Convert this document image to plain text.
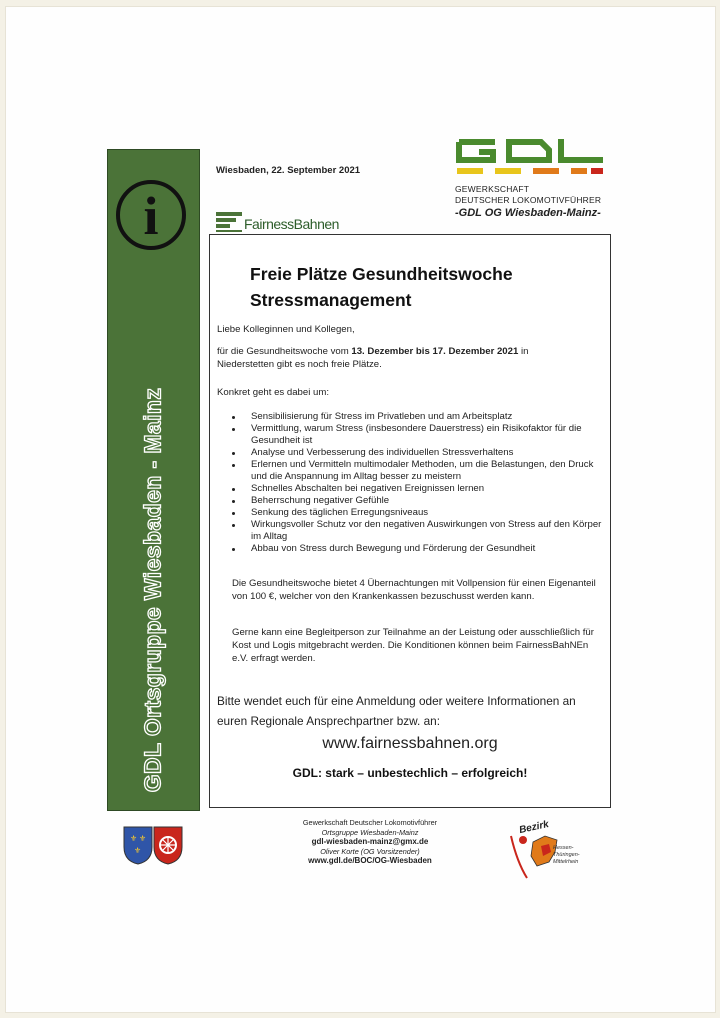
i
GDL Ortsgruppe Wiesbaden - Mainz
Wiesbaden, 22. September 2021
FairnessBahnen
GEWERKSCHAFT
DEUTSCHER LOKOMOTIVFÜHRER
-GDL OG Wiesbaden-Mainz-
Freie Plätze Gesundheitswoche
Stressmanagement
Liebe Kolleginnen und Kollegen,
für die Gesundheitswoche vom 13. Dezember bis 17. Dezember 2021 in
Niederstetten gibt es noch freie Plätze.
Konkret geht es dabei um:
Sensibilisierung für Stress im Privatleben und am Arbeitsplatz
Vermittlung, warum Stress (insbesondere Dauerstress) ein Risikofaktor für die Gesundheit ist
Analyse und Verbesserung des individuellen Stressverhaltens
Erlernen und Vermitteln multimodaler Methoden, um die Belastungen, den Druck und die Anspannung im Alltag besser zu meistern
Schnelles Abschalten bei negativen Ereignissen lernen
Beherrschung negativer Gefühle
Senkung des täglichen Erregungsniveaus
Wirkungsvoller Schutz vor den negativen Auswirkungen von Stress auf den Körper im Alltag
Abbau von Stress durch Bewegung und Förderung der Gesundheit
Die Gesundheitswoche bietet 4 Übernachtungen mit Vollpension für einen Eigenanteil von 100 €, welcher von den Krankenkassen bezuschusst werden kann.
Gerne kann eine Begleitperson zur Teilnahme an der Leistung oder ausschließlich für Kost und Logis mitgebracht werden. Die Konditionen können beim FairnessBahNEn e.V. erfragt werden.
Bitte wendet euch für eine Anmeldung oder weitere Informationen an euren Regionale Ansprechpartner bzw. an:
www.fairnessbahnen.org
GDL: stark – unbestechlich – erfolgreich!
⚜ ⚜
⚜
Gewerkschaft Deutscher Lokomotivführer
Ortsgruppe Wiesbaden-Mainz
gdl-wiesbaden-mainz@gmx.de
Oliver Korte (OG Vorsitzender)
www.gdl.de/BOC/OG-Wiesbaden
Bezirk
Hessen-
Thüringen-
Mittelrhein
